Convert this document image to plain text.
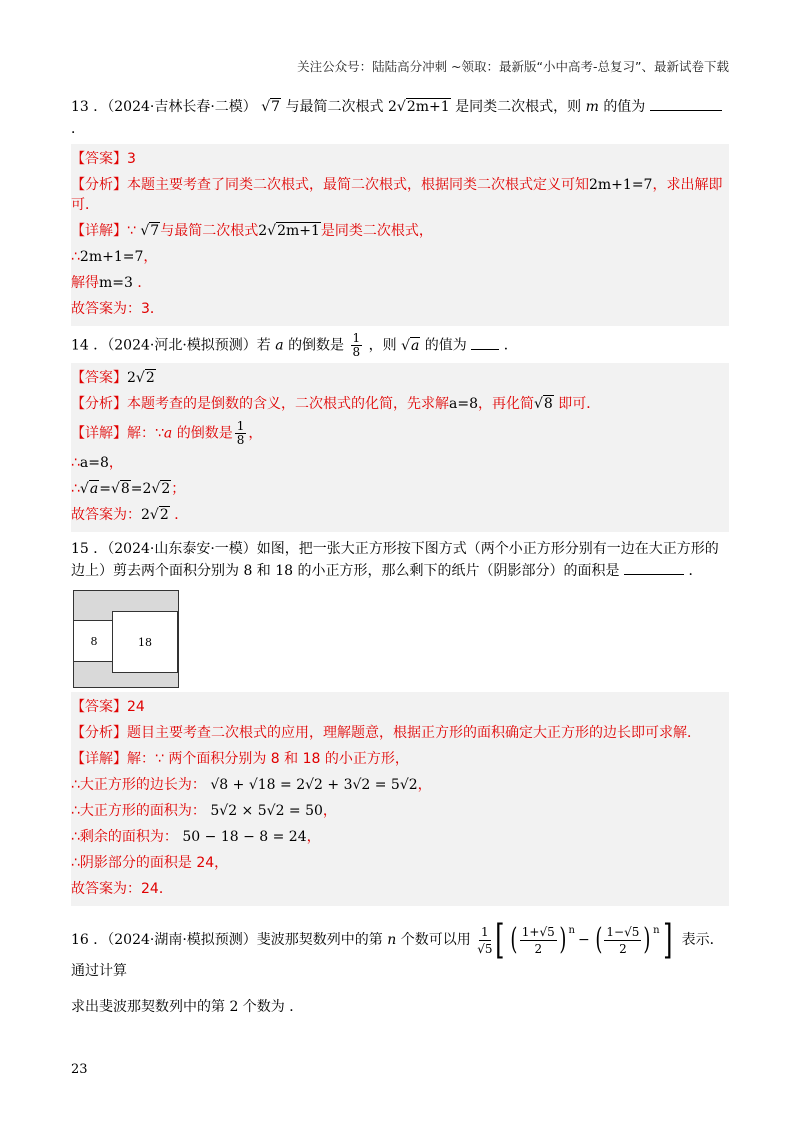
关注公众号：陆陆高分冲刺 ~领取：最新版“小中高考-总复习”、最新试卷下载

13 ．（2024·吉林长春·二模） √7 与最简二次根式 2√2m+1 是同类二次根式，则 m 的值为  ．

【答案】3
【分析】本题主要考查了同类二次根式，最简二次根式，根据同类二次根式定义可知2m+1=7，求出解即
可．
【详解】∵ √7与最简二次根式2√2m+1是同类二次根式，
∴2m+1=7，
解得m=3 ．
故答案为：3．

14 ．（2024·河北·模拟预测）若 a 的倒数是 $\frac{1}{8}$ ，则 √a 的值为	．

【答案】2√2
【分析】本题考查的是倒数的含义，二次根式的化简，先求解a=8，再化简√8 即可．
【详解】解：∵a 的倒数是 $\frac{1}{8}$ ，
∴a=8，
∴√a=√8=2√2；
故答案为：2√2 ．

15 ．（2024·山东泰安·一模）如图，把一张大正方形按下图方式（两个小正方形分别有一边在大正方形的
边上）剪去两个面积分别为 8 和 18 的小正方形，那么剩下的纸片（阴影部分）的面积是	．

8	18
【答案】24
【分析】题目主要考查二次根式的应用，理解题意，根据正方形的面积确定大正方形的边长即可求解．
【详解】解：∵ 两个面积分别为 8 和 18 的小正方形，
∴大正方形的边长为： √8 + √18 = 2√2 + 3√2 = 5√2，
∴大正方形的面积为： 5√2 × 5√2 = 50，
∴剩余的面积为： 50 − 18 − 8 = 24，
∴阴影部分的面积是 24，
故答案为：24．
16 ．（2024·湖南·模拟预测）斐波那契数列中的第 n 个数可以用 $\frac{1}{√5}$ [ ( $\frac{1+√5}{2} )^n$
− ( $\frac{1-√5}{2} )^n$ ] 表示．通过计算
求出斐波那契数列中的第 2 个数为 ．
23
